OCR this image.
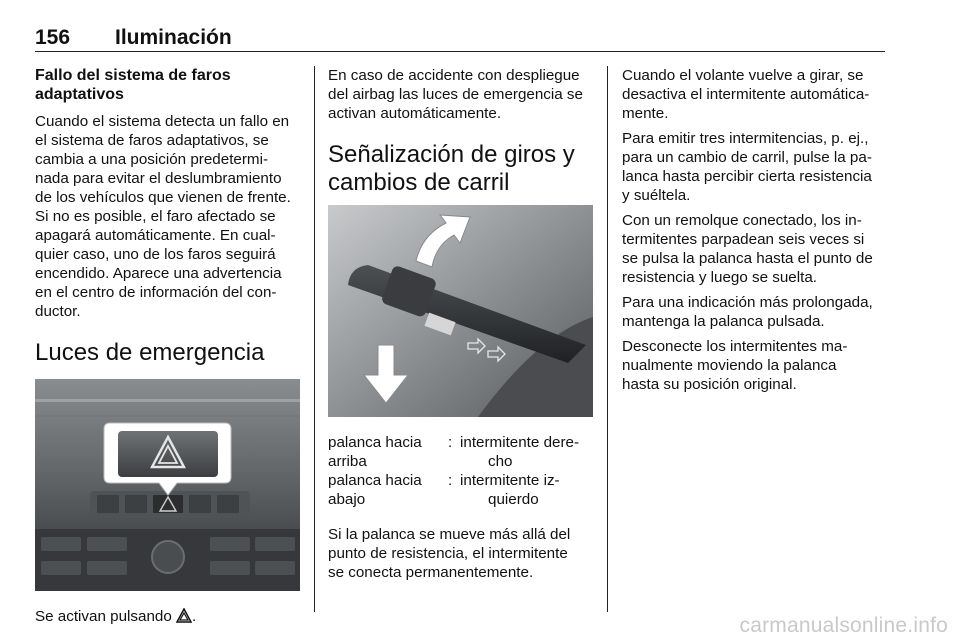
156 Iluminación
Fallo del sistema de faros
adaptativos

Cuando el sistema detecta un fallo en
el sistema de faros adaptativos, se
cambia a una posición predetermi‐
nada para evitar el deslumbramiento
de los vehículos que vienen de frente.
Si no es posible, el faro afectado se
apagará automáticamente. En cual‐
quier caso, uno de los faros seguirá
encendido. Aparece una advertencia
en el centro de información del con‐
ductor.

Luces de emergencia

Se activan pulsando .

En caso de accidente con despliegue
del airbag las luces de emergencia se
activan automáticamente.

Señalización de giros y
cambios de carril
palanca hacia
arriba
: intermitente dere‐
cho
palanca hacia
abajo
: intermitente iz‐
quierdo

Si la palanca se mueve más allá del
punto de resistencia, el intermitente
se conecta permanentemente.

Cuando el volante vuelve a girar, se
desactiva el intermitente automática‐
mente.

Para emitir tres intermitencias, p. ej.,
para un cambio de carril, pulse la pa‐
lanca hasta percibir cierta resistencia
y suéltela.

Con un remolque conectado, los in‐
termitentes parpadean seis veces si
se pulsa la palanca hasta el punto de
resistencia y luego se suelta.

Para una indicación más prolongada,
mantenga la palanca pulsada.

Desconecte los intermitentes ma‐
nualmente moviendo la palanca
hasta su posición original.

carmanualsonline.info
